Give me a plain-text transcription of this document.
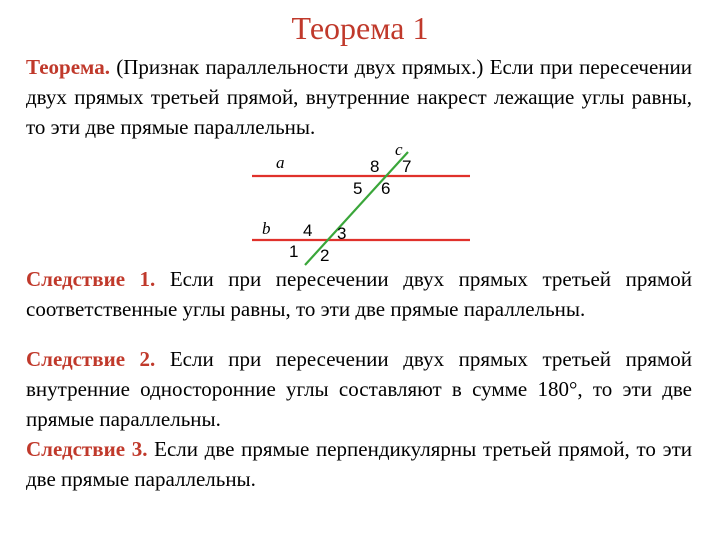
Теорема 1
Теорема. (Признак параллельности двух прямых.) Если при пересечении двух прямых третьей прямой, внутренние накрест лежащие углы равны, то эти две прямые параллельны.
a
b
c
8 7
5 6
4 3
1 2
Следствие 1. Если при пересечении двух прямых третьей прямой соответственные углы равны, то эти две прямые параллельны.
Следствие 2. Если при пересечении двух прямых третьей прямой внутренние односторонние углы составляют в сумме 180°, то эти две прямые параллельны.
Следствие 3. Если две прямые перпендикулярны третьей прямой, то эти две прямые параллельны.
